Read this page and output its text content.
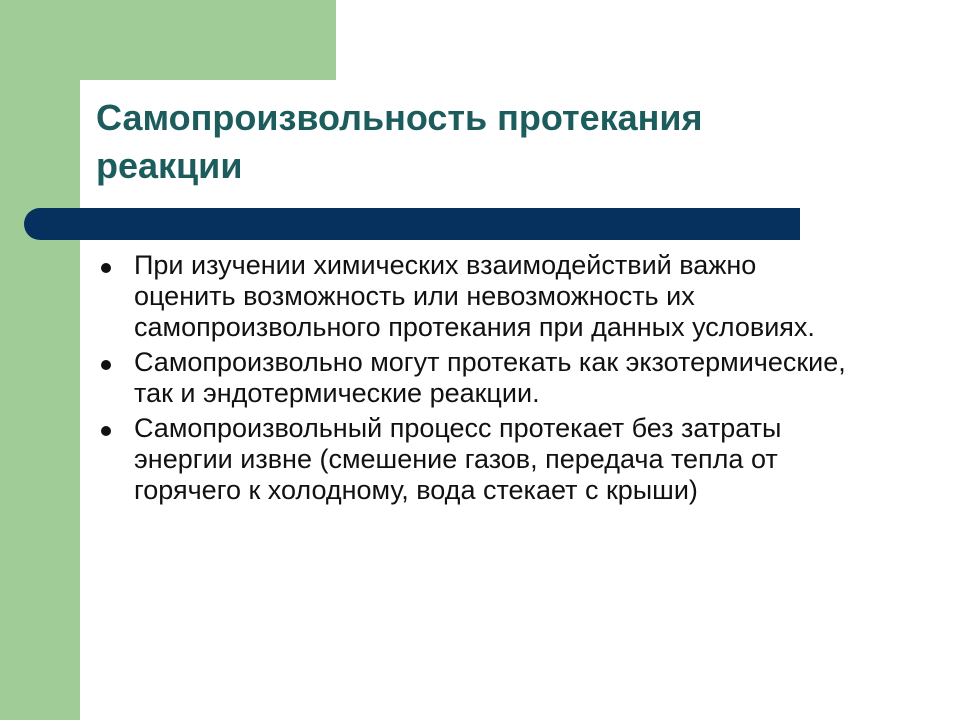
Самопроизвольность протекания реакции
При изучении химических взаимодействий важно оценить возможность или невозможность их самопроизвольного протекания при данных условиях.
Самопроизвольно могут протекать как экзотермические, так и эндотермические реакции.
Самопроизвольный процесс протекает без затраты энергии извне (смешение газов, передача тепла от горячего к холодному, вода стекает с крыши)
